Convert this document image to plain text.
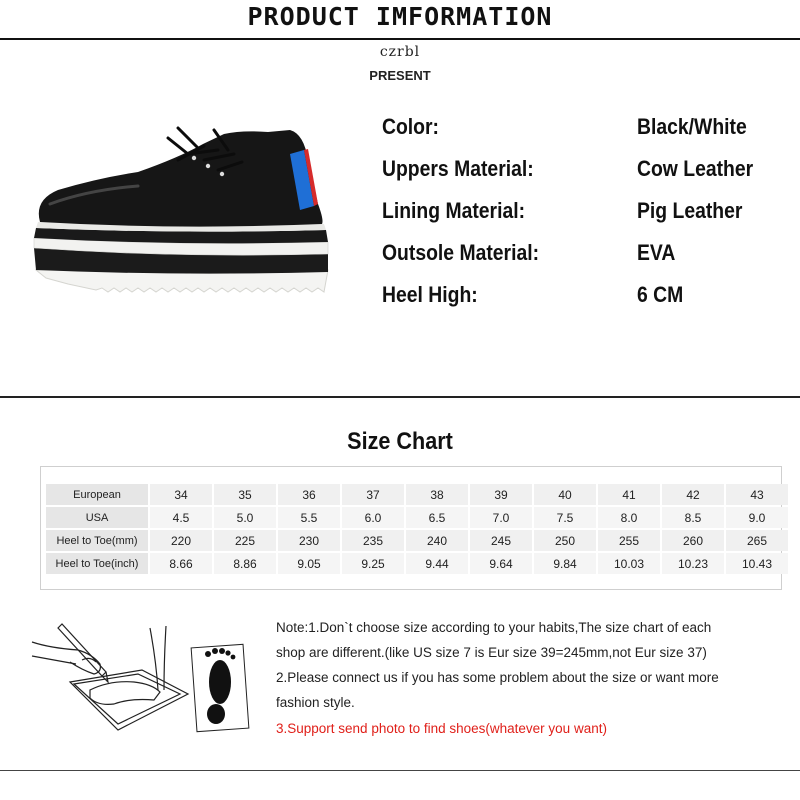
PRODUCT IMFORMATION
czrbl
PRESENT
Color:	Black/White
Uppers Material:	Cow Leather
Lining Material:	Pig Leather
Outsole Material:	EVA
Heel High:	6 CM
Size Chart
European	34	35	36	37	38	39	40	41	42	43
USA	4.5	5.0	5.5	6.0	6.5	7.0	7.5	8.0	8.5	9.0
Heel to Toe(mm)	220	225	230	235	240	245	250	255	260	265
Heel to Toe(inch)	8.66	8.86	9.05	9.25	9.44	9.64	9.84	10.03	10.23	10.43
Note:1.Don`t choose size according to your habits,The size chart of each
shop are different.(like US size 7 is Eur size 39=245mm,not Eur size 37)
2.Please connect us if you has some problem about the size or want more
fashion style.
3.Support send photo to find shoes(whatever you want)
